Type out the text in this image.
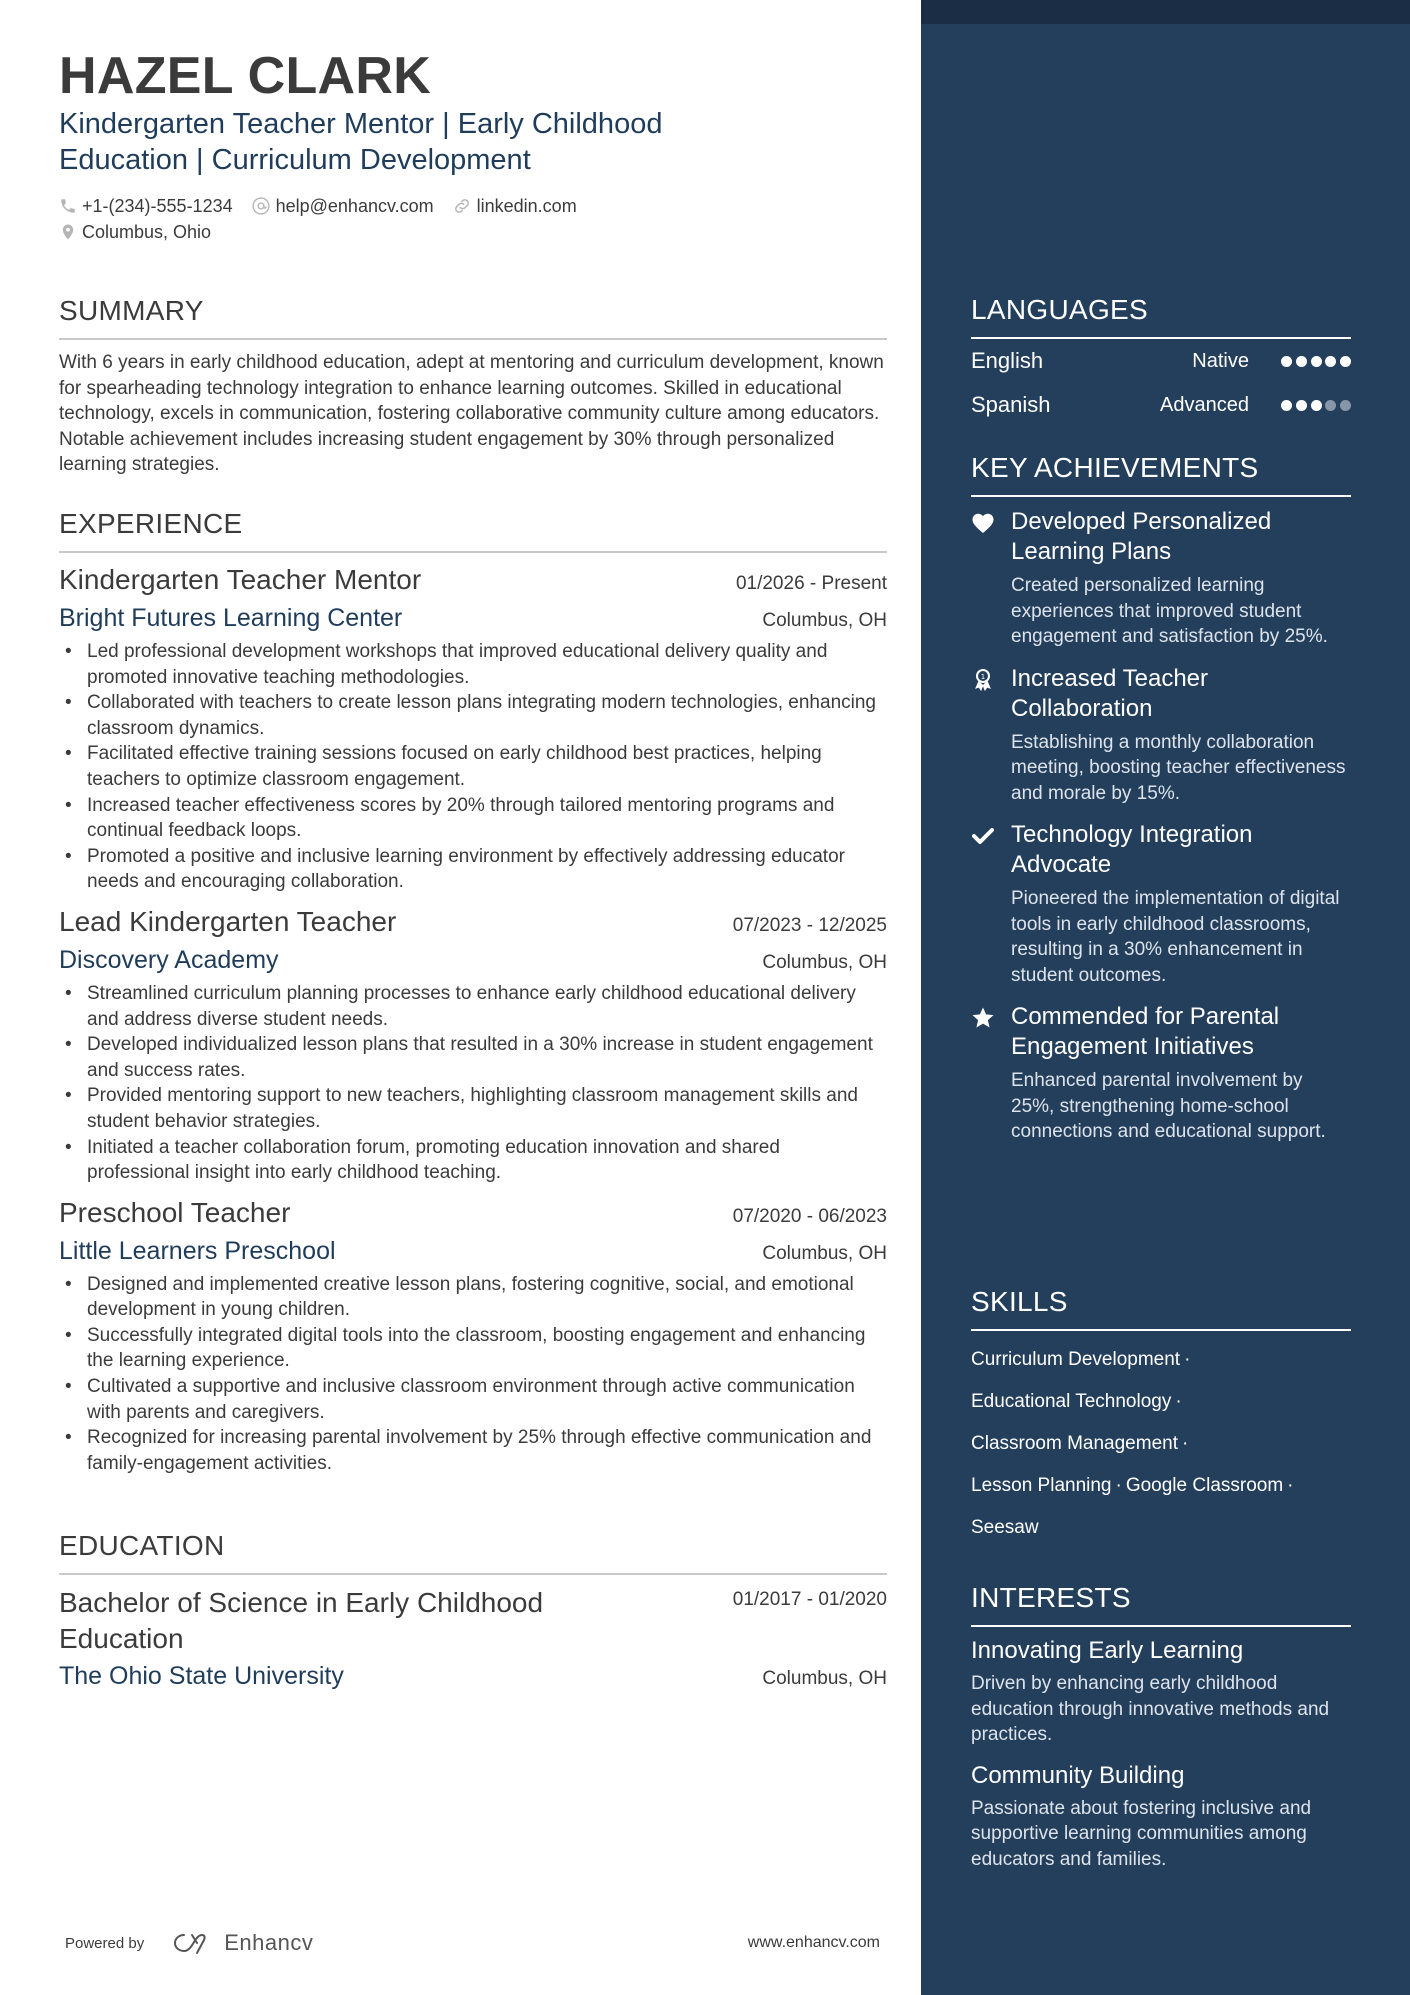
HAZEL CLARK
Kindergarten Teacher Mentor | Early Childhood
Education | Curriculum Development
+1-(234)-555-1234 help@enhancv.com linkedin.com
Columbus, Ohio
SUMMARY

With 6 years in early childhood education, adept at mentoring and curriculum development, known for spearheading technology integration to enhance learning outcomes. Skilled in educational technology, excels in communication, fostering collaborative community culture among educators. Notable achievement includes increasing student engagement by 30% through personalized learning strategies.

EXPERIENCE
Kindergarten Teacher Mentor	01/2026 - Present
Bright Futures Learning Center	Columbus, OH
• Led professional development workshops that improved educational delivery quality and promoted innovative teaching methodologies.
• Collaborated with teachers to create lesson plans integrating modern technologies, enhancing classroom dynamics.
• Facilitated effective training sessions focused on early childhood best practices, helping teachers to optimize classroom engagement.
• Increased teacher effectiveness scores by 20% through tailored mentoring programs and continual feedback loops.
• Promoted a positive and inclusive learning environment by effectively addressing educator needs and encouraging collaboration.
Lead Kindergarten Teacher	07/2023 - 12/2025
Discovery Academy	Columbus, OH
• Streamlined curriculum planning processes to enhance early childhood educational delivery and address diverse student needs.
• Developed individualized lesson plans that resulted in a 30% increase in student engagement and success rates.
• Provided mentoring support to new teachers, highlighting classroom management skills and student behavior strategies.
• Initiated a teacher collaboration forum, promoting education innovation and shared professional insight into early childhood teaching.
Preschool Teacher	07/2020 - 06/2023
Little Learners Preschool	Columbus, OH
• Designed and implemented creative lesson plans, fostering cognitive, social, and emotional development in young children.
• Successfully integrated digital tools into the classroom, boosting engagement and enhancing the learning experience.
• Cultivated a supportive and inclusive classroom environment through active communication with parents and caregivers.
• Recognized for increasing parental involvement by 25% through effective communication and family-engagement activities.
EDUCATION
Bachelor of Science in Early Childhood Education
01/2017 - 01/2020
The Ohio State University	Columbus, OH
Powered by	Enhancv	www.enhancv.com
LANGUAGES
English	Native
Spanish	Advanced
KEY ACHIEVEMENTS
Developed Personalized Learning Plans
Created personalized learning experiences that improved student engagement and satisfaction by 25%.
1 Increased Teacher Collaboration
Establishing a monthly collaboration meeting, boosting teacher effectiveness and morale by 15%.
Technology Integration Advocate
Pioneered the implementation of digital tools in early childhood classrooms, resulting in a 30% enhancement in student outcomes.
Commended for Parental Engagement Initiatives
Enhanced parental involvement by 25%, strengthening home-school connections and educational support.
SKILLS
Curriculum Development ·
Educational Technology ·
Classroom Management ·
Lesson Planning · Google Classroom ·
Seesaw
INTERESTS
Innovating Early Learning
Driven by enhancing early childhood education through innovative methods and practices.
Community Building
Passionate about fostering inclusive and supportive learning communities among educators and families.
